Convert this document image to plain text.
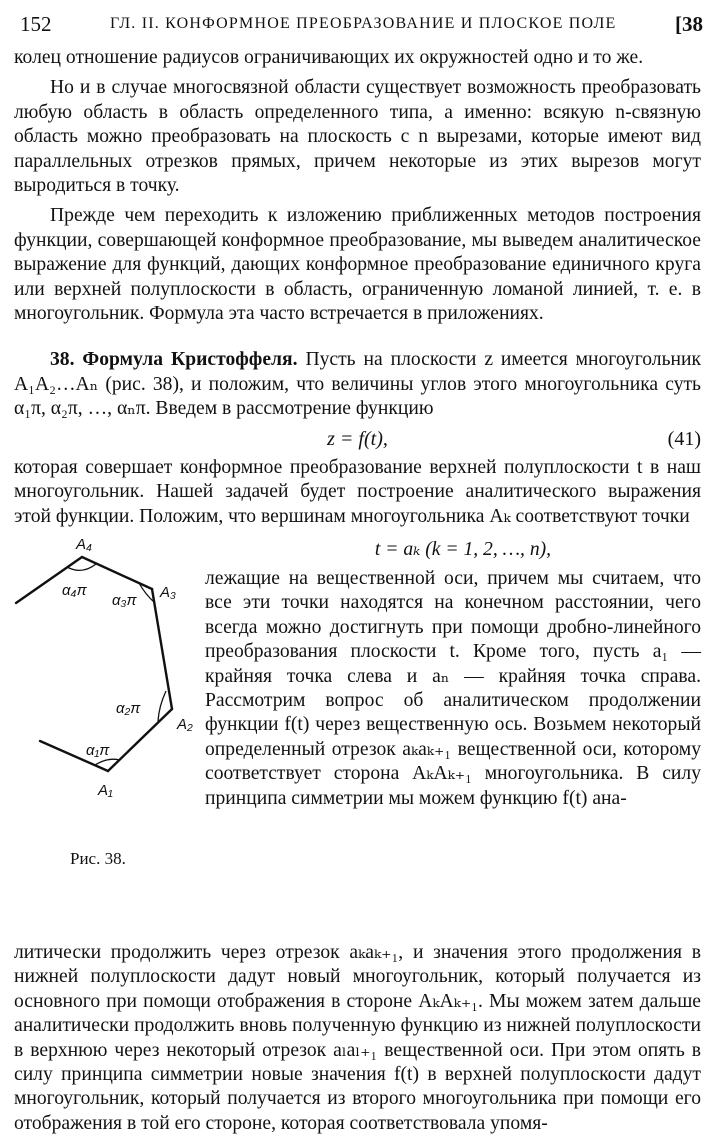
152	ГЛ. II. КОНФОРМНОЕ ПРЕОБРАЗОВАНИЕ И ПЛОСКОЕ ПОЛЕ	[38

колец отношение радиусов ограничивающих их окружностей одно и то же.

Но и в случае многосвязной области существует возможность преобразовать любую область в область определенного типа, а именно: всякую n-связную область можно преобразовать на плоскость с n вырезами, которые имеют вид параллельных отрезков прямых, причем некоторые из этих вырезов могут выродиться в точку.

Прежде чем переходить к изложению приближенных методов построения функции, совершающей конформное преобразование, мы выведем аналитическое выражение для функций, дающих конформное преобразование единичного круга или верхней полуплоскости в область, ограниченную ломаной линией, т. е. в многоугольник. Формула эта часто встречается в приложениях.

38. Формула Кристоффеля. Пусть на плоскости z имеется многоугольник A₁A₂…Aₙ (рис. 38), и положим, что величины углов этого многоугольника суть α₁π, α₂π, …, αₙπ. Введем в рассмотрение функцию

z = f(t),	(41)

которая совершает конформное преобразование верхней полуплоскости t в наш многоугольник. Нашей задачей будет построение аналитического выражения этой функции. Положим, что вершинам многоугольника Aₖ соответствуют точки

A₄
A₃
A₂
A₁
α₄π
α₃π
α₂π
α₁π
Рис. 38.
t = aₖ (k = 1, 2, …, n),

лежащие на вещественной оси, причем мы считаем, что все эти точки находятся на конечном расстоянии, чего всегда можно достигнуть при помощи дробно-линейного преобразования плоскости t. Кроме того, пусть a₁ — крайняя точка слева и aₙ — крайняя точка справа. Рассмотрим вопрос об аналитическом продолжении функции f(t) через вещественную ось. Возьмем некоторый определенный отрезок aₖaₖ₊₁ вещественной оси, которому соответствует сторона AₖAₖ₊₁ многоугольника. В силу принципа симметрии мы можем функцию f(t) ана-

литически продолжить через отрезок aₖaₖ₊₁, и значения этого продолжения в нижней полуплоскости дадут новый многоугольник, который получается из основного при помощи отображения в стороне AₖAₖ₊₁. Мы можем затем дальше аналитически продолжить вновь полученную функцию из нижней полуплоскости в верхнюю через некоторый отрезок aₗaₗ₊₁ вещественной оси. При этом опять в силу принципа симметрии новые значения f(t) в верхней полуплоскости дадут многоугольник, который получается из второго многоугольника при помощи его отображения в той его стороне, которая соответствовала упомя-
